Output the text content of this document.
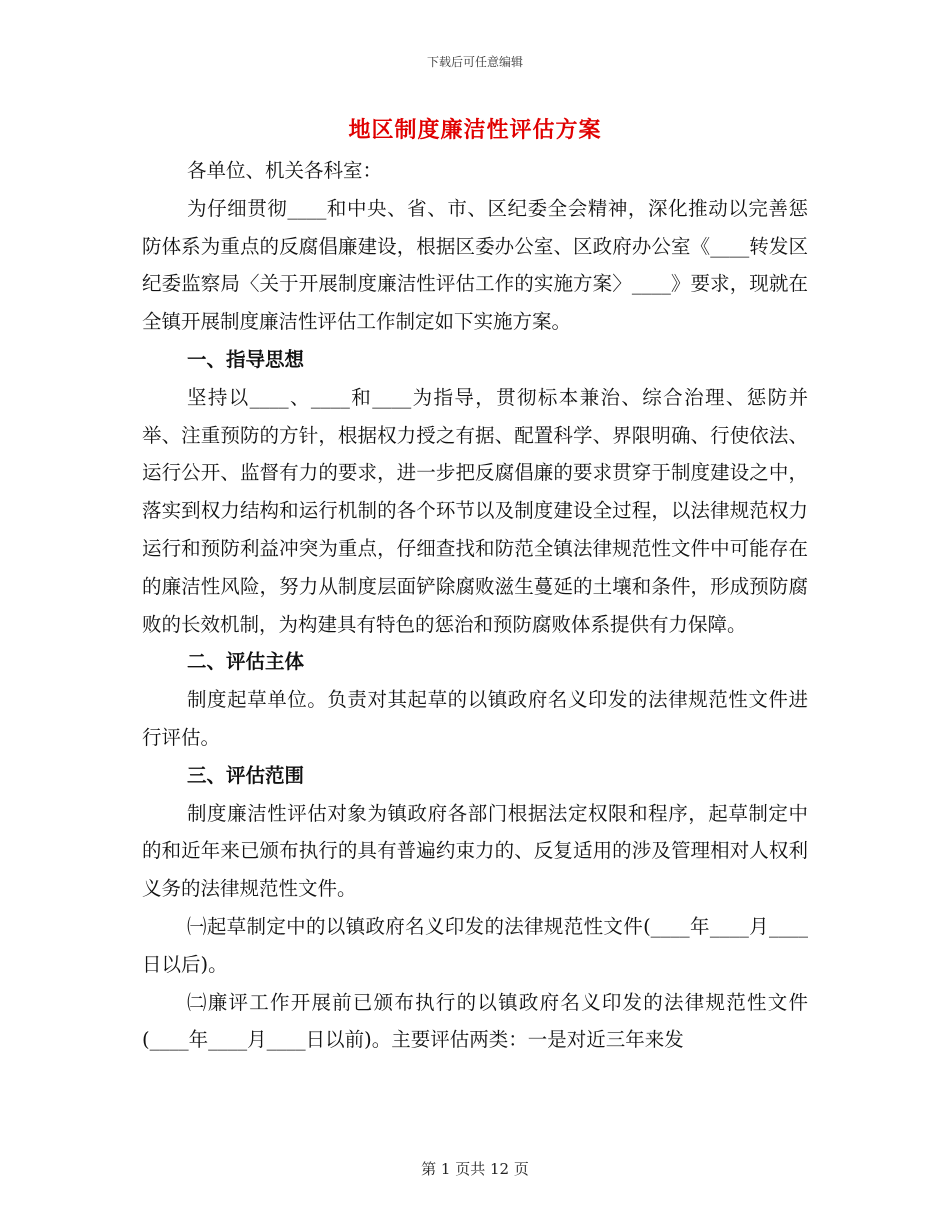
下载后可任意编辑
地区制度廉洁性评估方案

各单位、机关各科室：

为仔细贯彻____和中央、省、市、区纪委全会精神，深化推动以完善惩防体系为重点的反腐倡廉建设，根据区委办公室、区政府办公室《____转发区纪委监察局〈关于开展制度廉洁性评估工作的实施方案〉____》要求，现就在全镇开展制度廉洁性评估工作制定如下实施方案。

一、指导思想

坚持以____、____和____为指导，贯彻标本兼治、综合治理、惩防并举、注重预防的方针，根据权力授之有据、配置科学、界限明确、行使依法、运行公开、监督有力的要求，进一步把反腐倡廉的要求贯穿于制度建设之中，落实到权力结构和运行机制的各个环节以及制度建设全过程，以法律规范权力运行和预防利益冲突为重点，仔细查找和防范全镇法律规范性文件中可能存在的廉洁性风险，努力从制度层面铲除腐败滋生蔓延的土壤和条件，形成预防腐败的长效机制，为构建具有特色的惩治和预防腐败体系提供有力保障。

二、评估主体

制度起草单位。负责对其起草的以镇政府名义印发的法律规范性文件进行评估。

三、评估范围

制度廉洁性评估对象为镇政府各部门根据法定权限和程序，起草制定中的和近年来已颁布执行的具有普遍约束力的、反复适用的涉及管理相对人权利义务的法律规范性文件。

㈠起草制定中的以镇政府名义印发的法律规范性文件(____年____月____日以后)。

㈡廉评工作开展前已颁布执行的以镇政府名义印发的法律规范性文件(____年____月____日以前)。主要评估两类：一是对近三年来发

第 1 页共 12 页
